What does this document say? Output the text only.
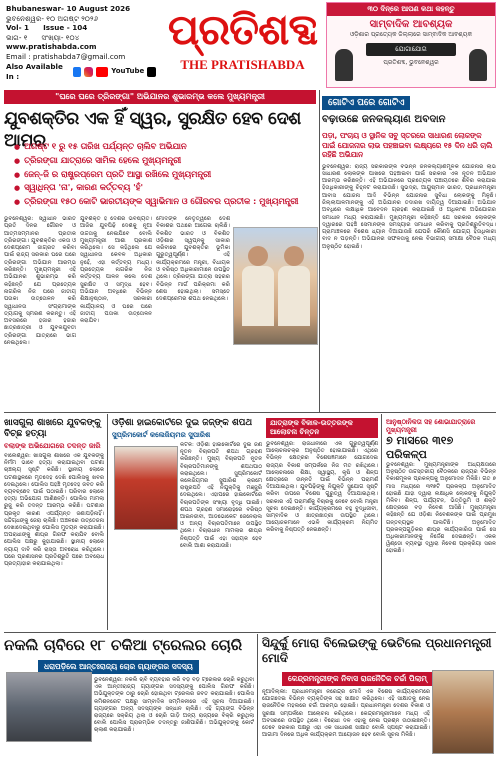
Bhubaneswar- 10 August 2026
ଭୁବନେଶ୍ୱର- ୧୦ ଅଗଷ୍ଟ ୨୦୨୬
Vol- 1 Issue - 104
ଭାଗ- ୧ ସଂଖ୍ୟା- ୧୦୪
www.pratishabda.com
Email : pratishabda7@gmail.com
Also Available In :
YouTube
ପ୍ରତିଶବ୍ଦ
THE PRATISHABDA
୩୦ ଦିନ୍ରେ ଆପଣ କଥା କହନ୍ତୁ
ସାମ୍ବାଦିକ ଆବଶ୍ୟକ
ଓଡ଼ିଶାର ପ୍ରତ୍ୟେକ ଜିଲ୍ଲାରେ ସାମ୍ବାଦିକ ଆବଶ୍ୟକ
ଯୋଗାଯୋଗ
ପ୍ରତିଶବ୍ଦ, ଭୁବନେଶ୍ୱର
"ଘରେ ଘରେ ତ୍ରିରଙ୍ଗା" ଅଭିଯାନର ଶୁଭାରମ୍ଭ କଲେ ମୁଖ୍ୟମନ୍ତ୍ରୀ
ଯୁବଶକ୍ତିର ଏକ ହିଁ ସ୍ୱର, ସୁରକ୍ଷିତ ହେବ ଦେଶ ଆମର
● ଅଗଷ୍ଟ ୧ ରୁ ୧୫ ତାରିଖ ପର୍ଯ୍ୟନ୍ତ ଚାଲିବ ଅଭିଯାନ
● ତ୍ରିରଙ୍ଗା ଯାତ୍ରାରେ ସାମିଲ ହେଲେ ମୁଖ୍ୟମନ୍ତ୍ରୀ
● ଜେନ୍-ଜି ର ରାଷ୍ଟ୍ରପ୍ରେମ ପ୍ରତି ଆସ୍ଥା ରଖିଲେ ମୁଖ୍ୟମନ୍ତ୍ରୀ
● ସ୍ୱାଧିନ୍ତା 'ନା', କାରଣ କର୍ତ୍ତବ୍ୟ 'ହଁ'
● ତ୍ରିରଙ୍ଗା ୧୫୦ କୋଟି ଭାରତୀୟଙ୍କ ସ୍ୱାଭିମାନ ଓ ଗୌରବର ପ୍ରତୀକ : ମୁଖ୍ୟମନ୍ତ୍ରୀ
ଭୁବନେଶ୍ୱର: ସ୍ୱାଧୀନ ଭାରତ ପ୍ରତି ଦିନର ଗୌରବ ଓ ଆତ୍ମସମ୍ମାନର ପ୍ରତୀକ ତ୍ରିରଙ୍ଗା। ଯୁବଶକ୍ତିର ଏକତା ଓ ଦେଶପ୍ରେମ ଜାଗ୍ରତ କରିବା ପାଇଁ ରାଜ୍ୟ ସରକାର ଘରେ ଘରେ ତ୍ରିରଙ୍ଗା ଅଭିଯାନ ଆରମ୍ଭ କରିଛନ୍ତି। ମୁଖ୍ୟମନ୍ତ୍ରୀ ଏହି ଅଭିଯାନର ଶୁଭାରମ୍ଭ କରି କହିଛନ୍ତି ଯେ ପ୍ରତ୍ୟେକ ନାଗରିକ ନିଜ ଘରେ ଜାତୀୟ ପତାକା ଉତ୍ତୋଳନ କରି ସ୍ୱାଧୀନତା ସଂଗ୍ରାମୀଙ୍କ ତ୍ୟାଗକୁ ସ୍ମରଣ କରନ୍ତୁ। ଏହି ଅବସରରେ ହଜାର ହଜାର ଛାତ୍ରଛାତ୍ରୀ ଓ ଯୁବକଯୁବତୀ ତ୍ରିରଙ୍ଗା ଯାତ୍ରାରେ ଭାଗ ନେଇଥିଲେ।
ଯୁବଶକ୍ତି ହିଁ ଦେଶର ଭବିଷ୍ୟତ। ଆଜିର ଯୁବପିଢ଼ି ଦେଶକୁ ନୂଆ ଉଚ୍ଚତାକୁ ନେଇଯିବେ ବୋଲି ମୁଖ୍ୟମନ୍ତ୍ରୀ ଆଶା ପ୍ରକାଶ କରିଥିଲେ। ସେ କହିଥିଲେ ଯେ ସ୍ୱାଧୀନତା କେବଳ ଅଧିକାର ନୁହେଁ, ଏହା କର୍ତ୍ତବ୍ୟ ମଧ୍ୟ। ପ୍ରତ୍ୟେକ ନାଗରିକ ନିଜ କର୍ତ୍ତବ୍ୟ ପାଳନ କଲେ ଦେଶ ସୁରକ୍ଷିତ ଓ ସମୃଦ୍ଧ ହେବ। ଅଭିଯାନ ଅବଧିରେ ବିଭିନ୍ନ ଶିକ୍ଷାନୁଷ୍ଠାନ, ସରକାରୀ କାର୍ଯ୍ୟାଳୟ ଓ ଘରେ ଘରେ ଜାତୀୟ ପତାକା ଉତ୍ତୋଳନ କରାଯିବ।
ମୋଦିଙ୍କ ନେତୃତ୍ୱରେ ଦେଶ ବିକାଶର ପଥରେ ଆଗେଇ ଚାଲିଛି। ବିକଶିତ ଭାରତ ଓ ବିକଶିତ ଓଡ଼ିଶାର ସ୍ୱପ୍ନକୁ ସାକାର କରିବାରେ ଯୁବଶକ୍ତିର ଭୂମିକା ଗୁରୁତ୍ୱପୂର୍ଣ୍ଣ। ଏହି କାର୍ଯ୍ୟକ୍ରମରେ ମନ୍ତ୍ରୀ, ବିଧାୟକ ଓ ବରିଷ୍ଠ ଅଧିକାରୀମାନେ ଉପସ୍ଥିତ ଥିଲେ। ତ୍ରିରଙ୍ଗା ଯାତ୍ରା ସହରର ବିଭିନ୍ନ ମାର୍ଗ ପରିକ୍ରମା କରି ଶେଷ ହୋଇଥିଲା। ସମସ୍ତେ ଦେଶପ୍ରେମର ଶପଥ ନେଇଥିଲେ।
ଗୋଟିଏ ପରେ ଗୋଟିଏ
ବଢ଼ାଉଛେ ଜନକଲ୍ୟାଣ ଅବଦାନ
ପଡ଼ା, ପଂଚାୟ ଓ ସ୍ଥାନିକ ସବୁ ସ୍ତରରେ ସାଧାରଣ ଲୋକଙ୍କ ପାଇଁ ଯୋଜନାର ଲାଭ ପହଞ୍ଚାଇବା ଲକ୍ଷ୍ୟରେ ୧୫ ଦିନ ଧରି ଚାଲି ରହିଛି ଅଭିଯାନ
ଭୁବନେଶ୍ୱର: ରାଜ୍ୟ ସରକାରଙ୍କ ବିଭିନ୍ନ ଜନକଲ୍ୟାଣମୂଳକ ଯୋଜନାର ଲାଭ ସାଧାରଣ ଲୋକଙ୍କ ପାଖରେ ପହଞ୍ଚାଇବା ପାଇଁ ସରକାର ଏକ ନୂତନ ଅଭିଯାନ ଆରମ୍ଭ କରିଛନ୍ତି। ଏହି ଅଭିଯାନରେ ପ୍ରତ୍ୟେକ ପଞ୍ଚାୟତରେ ଶିବିର କରାଯାଇ ହିତାଧିକାରୀଙ୍କୁ ଚିହ୍ନଟ କରାଯାଉଛି। ସୁଭଦ୍ରା, ଆୟୁଷ୍ମାନ ଭାରତ, ପ୍ରଧାନମନ୍ତ୍ରୀ ଆବାସ ଯୋଜନା ଆଦି ବିଭିନ୍ନ ଯୋଜନାର ସୁବିଧା ଲୋକଙ୍କୁ ମିଳୁଛି। ଜିଲ୍ଲାପାଳମାନଙ୍କୁ ଏହି ଅଭିଯାନର ତଦାରଖ ଦାୟିତ୍ୱ ଦିଆଯାଇଛି। ଅଭିଯାନ ଅବଧିରେ ଲକ୍ଷାଧିକ ଆବେଦନ ଗ୍ରହଣ କରାଯାଇଛି ଓ ଅଧିକାଂଶ ଅଭିଯୋଗର ସମାଧାନ ମଧ୍ୟ କରାଯାଇଛି। ମୁଖ୍ୟମନ୍ତ୍ରୀ କହିଛନ୍ତି ଯେ ସରକାର ଲୋକଙ୍କ ଦ୍ୱାରରେ ପହଞ୍ଚି ସେମାନଙ୍କ ସମସ୍ୟାର ସମାଧାନ କରିବାକୁ ପ୍ରତିଶ୍ରୁତିବଦ୍ଧ। ଗ୍ରାମାଞ୍ଚଳରେ ବିଶେଷ ଧ୍ୟାନ ଦିଆଯାଉଛି ଯେପରି କୌଣସି ଯୋଗ୍ୟ ହିତାଧିକାରୀ ବାଦ ନ ପଡ଼ନ୍ତି। ଅଭିଯାନର ସଫଳତାକୁ ନେଇ ବିଭାଗୀୟ ସମୀକ୍ଷା ବୈଠକ ମଧ୍ୟ ଅନୁଷ୍ଠିତ ହୋଇଛି।
ଖାସଗୁଲା ଶାଖରେ ଯୁବକଙ୍କୁ ବିଚ୍ଛ ହତ୍ୟା
ବଲାଙ୍କ ଅଭିଯୋଗରେ ତଦନ୍ତ ଜାରି
ବାଲେଶ୍ୱର: ଖାସଗୁଲା ଶାଖରେ ଏକ ଯୁବକଙ୍କୁ ନିର୍ମମ ଭାବେ ହତ୍ୟା କରାଯାଇଥିବା ଘଟଣା ଚାଞ୍ଚଲ୍ୟ ସୃଷ୍ଟି କରିଛି। ସ୍ଥାନୀୟ ଲୋକେ ଘଟଣାସ୍ଥଳରେ ମୃତଦେହ ଦେଖି ପୋଲିସକୁ ଖବର ଦେଇଥିଲେ। ପୋଲିସ ପହଞ୍ଚି ମୃତଦେହ ଜବତ କରି ବ୍ୟବଚ୍ଛେଦ ପାଇଁ ପଠାଇଛି। ପରିବାର ଲୋକେ ହତ୍ୟା ଅଭିଯୋଗ ଆଣିଛନ୍ତି। ପୋଲିସ ମାମଲା ରୁଜୁ କରି ତଦନ୍ତ ଆରମ୍ଭ କରିଛି। ଘଟଣାର ପ୍ରକୃତ କାରଣ ଏପର୍ଯ୍ୟନ୍ତ ଜଣାପଡ଼ିନାହିଁ। ସନ୍ଦିଗ୍ଧଙ୍କୁ ଜେରା ଚାଲିଛି। ଅଞ୍ଚଳରେ ଉତ୍ତେଜନା ଦେଖାଦେଇଥିବାରୁ ପୋଲିସ ମୁତୟନ କରାଯାଇଛି। ଅପରାଧୀଙ୍କୁ ଶୀଘ୍ର ଗିରଫ କରାଯିବ ବୋଲି ପୋଲିସ ପକ୍ଷରୁ କୁହାଯାଇଛି। ସ୍ଥାନୀୟ ଲୋକେ ନ୍ୟାୟ ଦାବି କରି ରାସ୍ତା ଅବରୋଧ କରିଥିଲେ। ପରେ ପ୍ରଶାସନର ପ୍ରତିଶ୍ରୁତି ପରେ ଅବରୋଧ ପ୍ରତ୍ୟାହାର କରାଯାଇଥିଲା।
ଓଡ଼ିଶା ହାଇକୋର୍ଟରେ ଦୁଇ ଜଜ୍‌ଙ୍କ ଶପଥ
ସୁପ୍ରିମକୋର୍ଟ କଲେଜିୟମର ସୁପାରିଶ
କଟକ: ଓଡ଼ିଶା ହାଇକୋର୍ଟରେ ଦୁଇ ଜଣ ନୂତନ ବିଚାରପତି ଶପଥ ଗ୍ରହଣ କରିଛନ୍ତି। ମୁଖ୍ୟ ବିଚାରପତି ନୂତନ ବିଚାରପତିମାନଙ୍କୁ ଶପଥପାଠ କରାଇଥିଲେ। ସୁପ୍ରିମକୋର୍ଟ କଲେଜିୟମର ସୁପାରିଶ କ୍ରମେ ରାଷ୍ଟ୍ରପତି ଏହି ନିଯୁକ୍ତିକୁ ମଞ୍ଜୁରି ଦେଇଥିଲେ। ଏହାପରେ ହାଇକୋର୍ଟରେ ବିଚାରପତିଙ୍କ ସଂଖ୍ୟା ବୃଦ୍ଧି ପାଇଛି। ଶପଥ ଗ୍ରହଣ ସମାରୋହରେ ବରିଷ୍ଠ ଆଇନଜୀବୀ, ଆଡଭୋକେଟ ଜେନେରାଲ ଓ ଅନ୍ୟ ବିଚାରପତିମାନେ ଉପସ୍ଥିତ ଥିଲେ। ବିଚାରାଧୀନ ମାମଲାର ଶୀଘ୍ର ନିଷ୍ପତ୍ତି ପାଇଁ ଏହା ସହାୟକ ହେବ ବୋଲି ଆଶା କରାଯାଉଛି।
ଯାତ୍ରାଙ୍କ ବିକାଳ-ଉତ୍ତରଙ୍କ ଆଲୋଚନା ଚିନ୍ତନ
ଭୁବନେଶ୍ୱର: ରାଜଧାନୀରେ ଏକ ଗୁରୁତ୍ୱପୂର୍ଣ୍ଣ ଆଲୋଚନାଚକ୍ର ଅନୁଷ୍ଠିତ ହୋଇଯାଇଛି। ଏଥିରେ ବିଭିନ୍ନ କ୍ଷେତ୍ରର ବିଶେଷଜ୍ଞମାନେ ଯୋଗଦେଇ ରାଜ୍ୟର ବିକାଶ ସମ୍ପର୍କରେ ନିଜ ମତ ରଖିଥିଲେ। ଆଲୋଚନାରେ ଶିକ୍ଷା, ସ୍ୱାସ୍ଥ୍ୟ, କୃଷି ଓ ଶିଳ୍ପ କ୍ଷେତ୍ରରେ ଉନ୍ନତି ପାଇଁ ବିଭିନ୍ନ ପରାମର୍ଶ ଦିଆଯାଇଥିଲା। ଯୁବପିଢ଼ିଙ୍କୁ ନିଯୁକ୍ତି ସୁଯୋଗ ସୃଷ୍ଟି କରିବା ଉପରେ ବିଶେଷ ଗୁରୁତ୍ୱ ଦିଆଯାଇଥିଲା। ସରକାର ଏହି ପରାମର୍ଶକୁ ବିଚାରକୁ ନେବେ ବୋଲି ମନ୍ତ୍ରୀ ସୂଚନା ଦେଇଛନ୍ତି। କାର୍ଯ୍ୟକ୍ରମରେ ବହୁ ବୁଦ୍ଧିଜୀବୀ, ସାମ୍ବାଦିକ ଓ ଛାତ୍ରଛାତ୍ରୀ ଉପସ୍ଥିତ ଥିଲେ। ଆୟୋଜକମାନେ ଏଭଳି କାର୍ଯ୍ୟକ୍ରମ ନିୟମିତ କରିବାକୁ ନିଷ୍ପତ୍ତି ନେଇଛନ୍ତି।
ଆନୁଷ୍ଠାନିକତା ସହ ଶୋଭାଯାତ୍ରାରେ ମୁଖ୍ୟମନ୍ତ୍ରୀ
୭ ମାସରେ ୩୧୭ ପରିକଳ୍ପ
ଭୁବନେଶ୍ୱର: ମୁଖ୍ୟମନ୍ତ୍ରୀଙ୍କ ଅଧ୍ୟକ୍ଷତାରେ ଅନୁଷ୍ଠିତ ଉଚ୍ଚସ୍ତରୀୟ ବୈଠକରେ ରାଜ୍ୟର ବିଭିନ୍ନ ବିକାଶମୂଳକ ପ୍ରକଳ୍ପକୁ ଅନୁମୋଦନ ମିଳିଛି। ଗତ ୭ ମାସ ମଧ୍ୟରେ ୩୧୭ଟି ପ୍ରକଳ୍ପ ଅନୁମୋଦିତ ହୋଇଛି ଯାହା ଦ୍ୱାରା ଲକ୍ଷାଧିକ ଲୋକଙ୍କୁ ନିଯୁକ୍ତି ମିଳିବ। ଶିଳ୍ପ, ପର୍ଯ୍ୟଟନ, ଭିତ୍ତିଭୂମି ଓ ଶକ୍ତି କ୍ଷେତ୍ରରେ ବଡ଼ ନିବେଶ ଆସିଛି। ମୁଖ୍ୟମନ୍ତ୍ରୀ କହିଛନ୍ତି ଯେ ଓଡ଼ିଶା ନିବେଶକଙ୍କ ପାଇଁ ପ୍ରମୁଖ ଗନ୍ତବ୍ୟସ୍ଥଳ ପାଲଟିଛି। ଅନୁମୋଦିତ ପ୍ରକଳ୍ପଗୁଡ଼ିକର ଶୀଘ୍ର କାର୍ଯ୍ୟକାରିତା ପାଇଁ ସେ ଅଧିକାରୀମାନଙ୍କୁ ନିର୍ଦ୍ଦେଶ ଦେଇଛନ୍ତି। ଏକକ ୱିଣ୍ଡୋ ବ୍ୟବସ୍ଥା ଦ୍ୱାରା ନିବେଶ ପ୍ରକ୍ରିୟା ସରଳ ହୋଇଛି।
ନକଲି ଚାବିରେ ୧୮ ଚକିଆ ଟ୍ରେଲର ଚୋରି
ଧରାପଡ଼ିଲେ ଆନ୍ତଃରାଜ୍ୟ ଚୋର ଗ୍ୟାଙ୍ଗର ସଦସ୍ୟ
ଭୁବନେଶ୍ୱର: ନକଲି ଚାବି ବ୍ୟବହାର କରି ବଡ଼ ବଡ଼ ଟ୍ରେଲର ଚୋରି କରୁଥିବା ଏକ ଆନ୍ତଃରାଜ୍ୟ ଗ୍ୟାଙ୍ଗର ସଦସ୍ୟଙ୍କୁ ପୋଲିସ ଗିରଫ କରିଛି। ଅଭିଯୁକ୍ତଙ୍କ ଠାରୁ ଚୋରି ହୋଇଥିବା ଟ୍ରେଲର ଜବତ କରାଯାଇଛି। ପୋଲିସ କମିଶନରେଟ ପକ୍ଷରୁ ସାମ୍ବାଦିକ ସମ୍ମିଳନୀରେ ଏହି ସୂଚନା ଦିଆଯାଇଛି। ଗ୍ୟାଙ୍ଗର ଅନ୍ୟ ସଦସ୍ୟଙ୍କ ସନ୍ଧାନ ଚାଲିଛି। ଏହି ଗ୍ୟାଙ୍ଗ ବିଭିନ୍ନ ରାଜ୍ୟରେ ସକ୍ରିୟ ଥିଲା ଓ ଚୋରି ଗାଡ଼ି ଅନ୍ୟ ରାଜ୍ୟରେ ବିକ୍ରି କରୁଥିଲା ବୋଲି ପୋଲିସ ପ୍ରାରମ୍ଭିକ ତଦନ୍ତରୁ ଜାଣିପାରିଛି। ଅଭିଯୁକ୍ତଙ୍କୁ କୋର୍ଟ ଚାଲାଣ କରାଯାଇଛି।
ସିନ୍ଦୁର୍କୁ ମୋରା ବିଲେଇଙ୍କୁ ଭେଟିଲେ ପ୍ରଧାନମନ୍ତ୍ରୀ ମୋଦି
କେନ୍ଦ୍ରମନ୍ତ୍ରୀଙ୍କ ନିବାସ ରାଜନୈତିକ ଚର୍ଚ୍ଚା ପିଲାମ୍
ନୂଆଦିଲ୍ଲୀ: ପ୍ରଧାନମନ୍ତ୍ରୀ ନରେନ୍ଦ୍ର ମୋଦି ଏକ ବିଶେଷ କାର୍ଯ୍ୟକ୍ରମରେ ଯୋଗଦେଇ ବିଭିନ୍ନ ବ୍ୟକ୍ତିଙ୍କ ସହ ସାକ୍ଷାତ କରିଥିଲେ। ଏହି ସାକ୍ଷାତକୁ ନେଇ ରାଜନୈତିକ ମହଲରେ ଚର୍ଚ୍ଚା ଆରମ୍ଭ ହୋଇଛି। ପ୍ରଧାନମନ୍ତ୍ରୀ ଦେଶର ବିକାଶ ଓ ସୁରକ୍ଷା ସମ୍ପର୍କରେ ଆଲୋଚନା କରିଥିଲେ। କେନ୍ଦ୍ରମନ୍ତ୍ରୀମାନେ ମଧ୍ୟ ଏହି ଅବସରରେ ଉପସ୍ଥିତ ଥିଲେ। ବିରୋଧୀ ଦଳ ଏହାକୁ ନେଇ ପ୍ରଶ୍ନ ଉଠାଇଛନ୍ତି। ତେବେ ସରକାର ପକ୍ଷରୁ ଏହା ଏକ ସାଧାରଣ ସାକ୍ଷାତ ବୋଲି ସ୍ପଷ୍ଟ କରାଯାଇଛି। ଆଗାମୀ ଦିନରେ ଅଧିକ କାର୍ଯ୍ୟକ୍ରମ ଆୟୋଜନ ହେବ ବୋଲି ସୂଚନା ମିଳିଛି।
